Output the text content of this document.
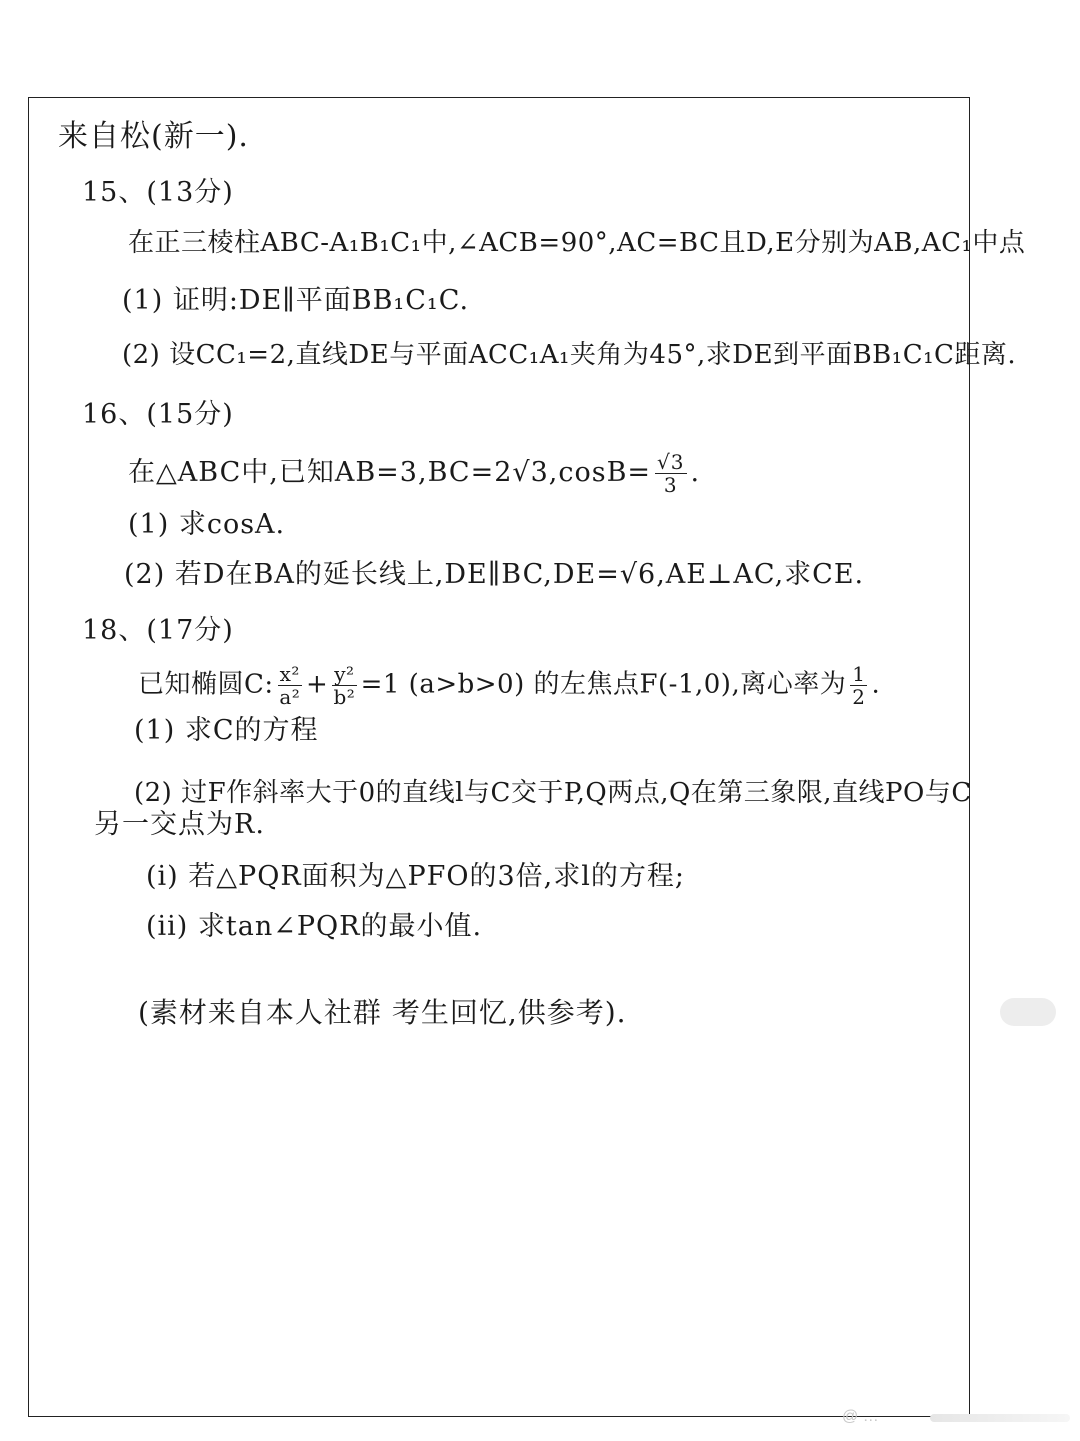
来自松(新一).
15、(13分)
在正三棱柱ABC-A₁B₁C₁中,∠ACB=90°,AC=BC且D,E分别为AB,AC₁中点
(1) 证明:DE∥平面BB₁C₁C.
(2) 设CC₁=2,直线DE与平面ACC₁A₁夹角为45°,求DE到平面BB₁C₁C距离.
16、(15分)
在△ABC中,已知$AB=3,BC=2√3,\cos B= \frac{√3}{3}$ .
(1) 求cosA.
(2) 若D在BA的延长线上,DE∥BC,DE=√6,AE⊥AC,求CE.
18、(17分)
已知椭圆C: $\frac{\text{x²}}{\text{a²}} + \frac{\text{y²}}{\text{b²}} =1$ (a>b>0) 的左焦点F(-1,0),离心率为 $\frac{1}{2}$ .
(1) 求C的方程
(2) 过F作斜率大于0的直线l与C交于P,Q两点,Q在第三象限,直线PO与C
另一交点为R.
(i) 若△PQR面积为△PFO的3倍,求l的方程;
(ii) 求tan∠PQR的最小值.
(素材来自本人社群 考生回忆,供参考).
@ …
